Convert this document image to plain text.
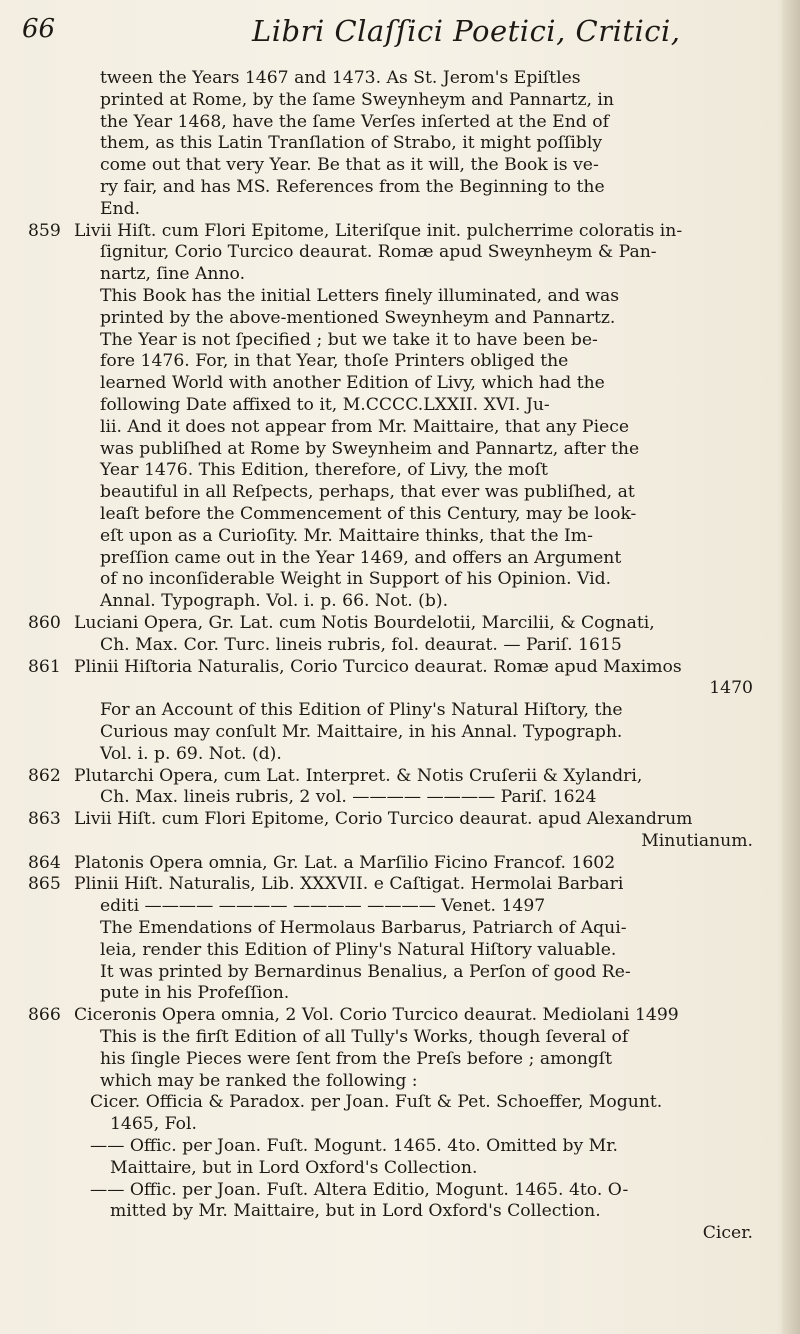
66	Libri Claſſici Poetici, Critici,
tween the Years 1467 and 1473. As St. Jerom's Epiſtles
printed at Rome, by the ſame Sweynheym and Pannartz, in
the Year 1468, have the ſame Verſes inſerted at the End of
them, as this Latin Tranſlation of Strabo, it might poſſibly
come out that very Year. Be that as it will, the Book is ve-
ry fair, and has MS. References from the Beginning to the
End.
859 Livii Hiſt. cum Flori Epitome, Literiſque init. pulcherrime coloratis in-
ſignitur, Corio Turcico deaurat. Romæ apud Sweynheym & Pan-
nartz, ſine Anno.
This Book has the initial Letters finely illuminated, and was
printed by the above-mentioned Sweynheym and Pannartz.
The Year is not ſpecified ; but we take it to have been be-
fore 1476. For, in that Year, thoſe Printers obliged the
learned World with another Edition of Livy, which had the
following Date affixed to it, M.CCCC.LXXII. XVI. Ju-
lii. And it does not appear from Mr. Maittaire, that any Piece
was publiſhed at Rome by Sweynheim and Pannartz, after the
Year 1476. This Edition, therefore, of Livy, the moſt
beautiful in all Reſpects, perhaps, that ever was publiſhed, at
leaſt before the Commencement of this Century, may be look-
eſt upon as a Curioſity. Mr. Maittaire thinks, that the Im-
preſſion came out in the Year 1469, and offers an Argument
of no inconſiderable Weight in Support of his Opinion. Vid.
Annal. Typograph. Vol. i. p. 66. Not. (b).
860 Luciani Opera, Gr. Lat. cum Notis Bourdelotii, Marcilii, & Cognati,
Ch. Max. Cor. Turc. lineis rubris, fol. deaurat. — Pariſ. 1615
861 Plinii Hiſtoria Naturalis, Corio Turcico deaurat. Romæ apud Maximos
1470
For an Account of this Edition of Pliny's Natural Hiſtory, the
Curious may conſult Mr. Maittaire, in his Annal. Typograph.
Vol. i. p. 69. Not. (d).
862 Plutarchi Opera, cum Lat. Interpret. & Notis Cruſerii & Xylandri,
Ch. Max. lineis rubris, 2 vol. ———— ———— Pariſ. 1624
863 Livii Hiſt. cum Flori Epitome, Corio Turcico deaurat. apud Alexandrum
Minutianum.
864 Platonis Opera omnia, Gr. Lat. a Marſilio Ficino Francof. 1602
865 Plinii Hiſt. Naturalis, Lib. XXXVII. e Caſtigat. Hermolai Barbari
editi ———— ———— ———— ———— Venet. 1497
The Emendations of Hermolaus Barbarus, Patriarch of Aqui-
leia, render this Edition of Pliny's Natural Hiſtory valuable.
It was printed by Bernardinus Benalius, a Perſon of good Re-
pute in his Profeſſion.
866 Ciceronis Opera omnia, 2 Vol. Corio Turcico deaurat. Mediolani 1499
This is the firſt Edition of all Tully's Works, though ſeveral of
his ſingle Pieces were ſent from the Preſs before ; amongſt
which may be ranked the following :
Cicer. Officia & Paradox. per Joan. Fuſt & Pet. Schoeffer, Mogunt.
1465, Fol.
—— Offic. per Joan. Fuſt. Mogunt. 1465. 4to. Omitted by Mr.
Maittaire, but in Lord Oxford's Collection.
—— Offic. per Joan. Fuſt. Altera Editio, Mogunt. 1465. 4to. O-
mitted by Mr. Maittaire, but in Lord Oxford's Collection.
Cicer.
